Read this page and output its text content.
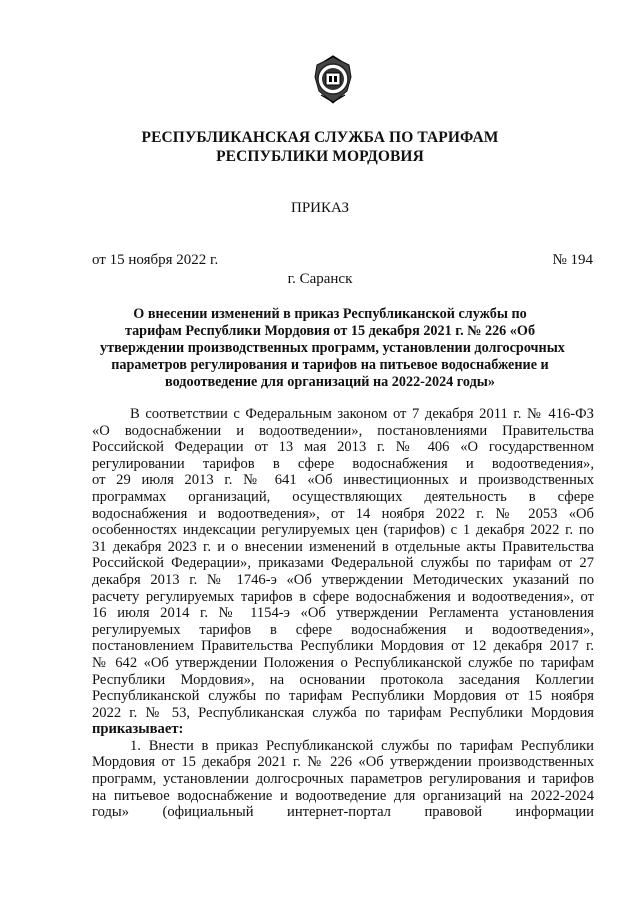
РЕСПУБЛИКАНСКАЯ СЛУЖБА ПО ТАРИФАМ
РЕСПУБЛИКИ МОРДОВИЯ
ПРИКАЗ
от 15 ноября 2022 г.	№ 194
г. Саранск
О внесении изменений в приказ Республиканской службы по
тарифам Республики Мордовия от 15 декабря 2021 г. № 226 «Об
утверждении производственных программ, установлении долгосрочных
параметров регулирования и тарифов на питьевое водоснабжение и
водоотведение для организаций на 2022-2024 годы»
В соответствии с Федеральным законом от 7 декабря 2011 г. № 416-ФЗ
«О водоснабжении и водоотведении», постановлениями Правительства
Российской Федерации от 13 мая 2013 г. № 406 «О государственном
регулировании тарифов в сфере водоснабжения и водоотведения»,
от 29 июля 2013 г. № 641 «Об инвестиционных и производственных
программах организаций, осуществляющих деятельность в сфере
водоснабжения и водоотведения», от 14 ноября 2022 г. № 2053 «Об
особенностях индексации регулируемых цен (тарифов) с 1 декабря 2022 г. по
31 декабря 2023 г. и о внесении изменений в отдельные акты Правительства
Российской Федерации», приказами Федеральной службы по тарифам от 27
декабря 2013 г. № 1746-э «Об утверждении Методических указаний по
расчету регулируемых тарифов в сфере водоснабжения и водоотведения», от
16 июля 2014 г. № 1154-э «Об утверждении Регламента установления
регулируемых тарифов в сфере водоснабжения и водоотведения»,
постановлением Правительства Республики Мордовия от 12 декабря 2017 г.
№ 642 «Об утверждении Положения о Республиканской службе по тарифам
Республики Мордовия», на основании протокола заседания Коллегии
Республиканской службы по тарифам Республики Мордовия от 15 ноября
2022 г. № 53, Республиканская служба по тарифам Республики Мордовия
приказывает:
1. Внести в приказ Республиканской службы по тарифам Республики
Мордовия от 15 декабря 2021 г. № 226 «Об утверждении производственных
программ, установлении долгосрочных параметров регулирования и тарифов
на питьевое водоснабжение и водоотведение для организаций на 2022-2024
годы» (официальный интернет-портал правовой информации
